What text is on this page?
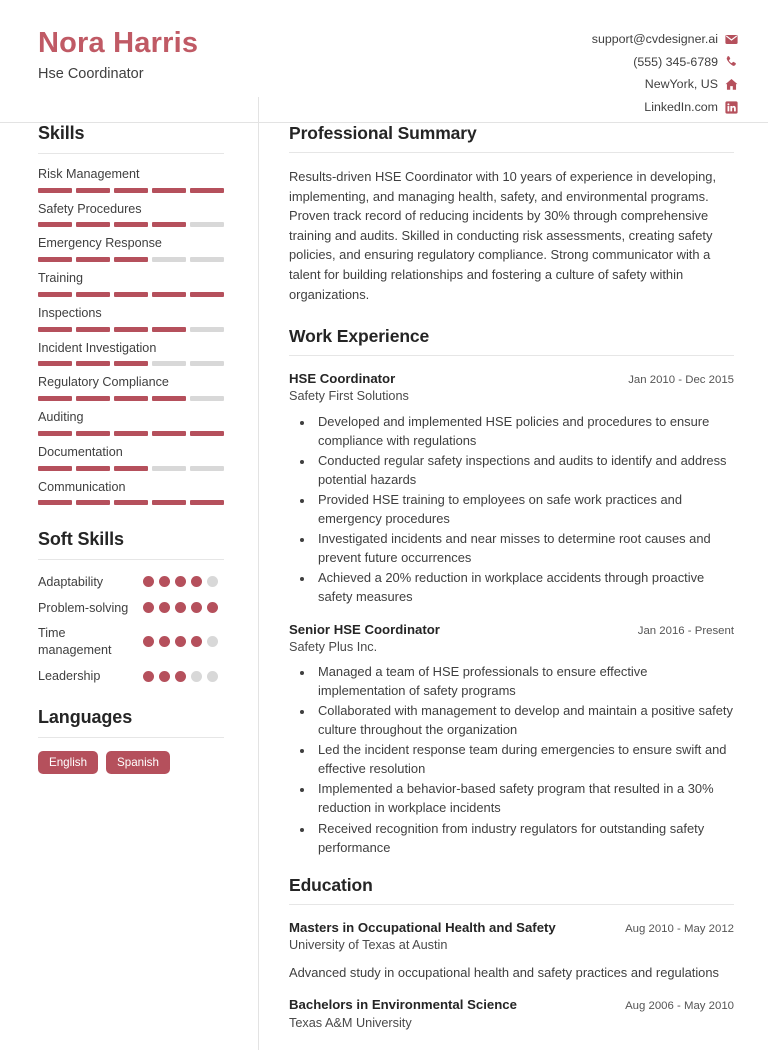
Nora Harris
Hse Coordinator
support@cvdesigner.ai
(555) 345-6789
NewYork, US
LinkedIn.com
Skills
Risk Management
Safety Procedures
Emergency Response
Training
Inspections
Incident Investigation
Regulatory Compliance
Auditing
Documentation
Communication
Soft Skills
Adaptability
Problem-solving
Time management
Leadership
Languages
English	Spanish
Professional Summary

Results-driven HSE Coordinator with 10 years of experience in developing, implementing, and managing health, safety, and environmental programs. Proven track record of reducing incidents by 30% through comprehensive training and audits. Skilled in conducting risk assessments, creating safety policies, and ensuring regulatory compliance. Strong communicator with a talent for building relationships and fostering a culture of safety within organizations.

Work Experience
HSE Coordinator	Jan 2010 - Dec 2015
Safety First Solutions
• Developed and implemented HSE policies and procedures to ensure compliance with regulations
• Conducted regular safety inspections and audits to identify and address potential hazards
• Provided HSE training to employees on safe work practices and emergency procedures
• Investigated incidents and near misses to determine root causes and prevent future occurrences
• Achieved a 20% reduction in workplace accidents through proactive safety measures
Senior HSE Coordinator	Jan 2016 - Present
Safety Plus Inc.
• Managed a team of HSE professionals to ensure effective implementation of safety programs
• Collaborated with management to develop and maintain a positive safety culture throughout the organization
• Led the incident response team during emergencies to ensure swift and effective resolution
• Implemented a behavior-based safety program that resulted in a 30% reduction in workplace incidents
• Received recognition from industry regulators for outstanding safety performance
Education
Masters in Occupational Health and Safety	Aug 2010 - May 2012
University of Texas at Austin
Advanced study in occupational health and safety practices and regulations
Bachelors in Environmental Science	Aug 2006 - May 2010
Texas A&M University
